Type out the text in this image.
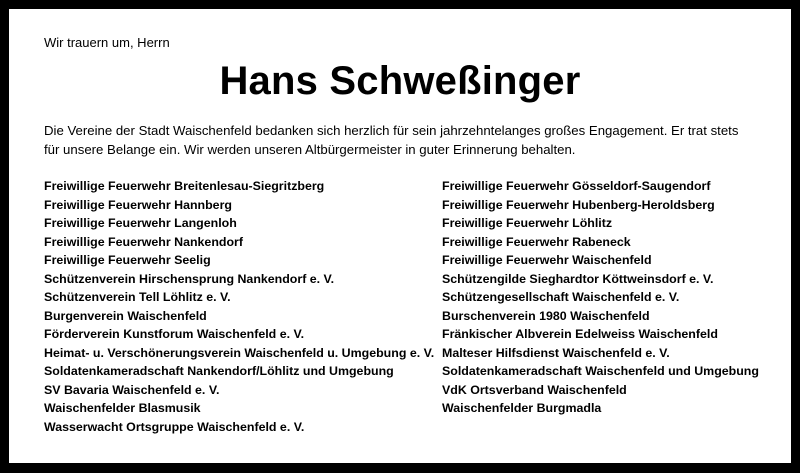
Wir trauern um, Herrn
Hans Schweßinger
Die Vereine der Stadt Waischenfeld bedanken sich herzlich für sein jahrzehntelanges großes Engagement. Er trat stets
für unsere Belange ein. Wir werden unseren Altbürgermeister in guter Erinnerung behalten.
Freiwillige Feuerwehr Breitenlesau-Siegritzberg
Freiwillige Feuerwehr Hannberg
Freiwillige Feuerwehr Langenloh
Freiwillige Feuerwehr Nankendorf
Freiwillige Feuerwehr Seelig
Schützenverein Hirschensprung Nankendorf e. V.
Schützenverein Tell Löhlitz e. V.
Burgenverein Waischenfeld
Förderverein Kunstforum Waischenfeld e. V.
Heimat- u. Verschönerungsverein Waischenfeld u. Umgebung e. V.
Soldatenkameradschaft Nankendorf/Löhlitz und Umgebung
SV Bavaria Waischenfeld e. V.
Waischenfelder Blasmusik
Wasserwacht Ortsgruppe Waischenfeld e. V.
Freiwillige Feuerwehr Gösseldorf-Saugendorf
Freiwillige Feuerwehr Hubenberg-Heroldsberg
Freiwillige Feuerwehr Löhlitz
Freiwillige Feuerwehr Rabeneck
Freiwillige Feuerwehr Waischenfeld
Schützengilde Sieghardtor Köttweinsdorf e. V.
Schützengesellschaft Waischenfeld e. V.
Burschenverein 1980 Waischenfeld
Fränkischer Albverein Edelweiss Waischenfeld
Malteser Hilfsdienst Waischenfeld e. V.
Soldatenkameradschaft Waischenfeld und Umgebung
VdK Ortsverband Waischenfeld
Waischenfelder Burgmadla
